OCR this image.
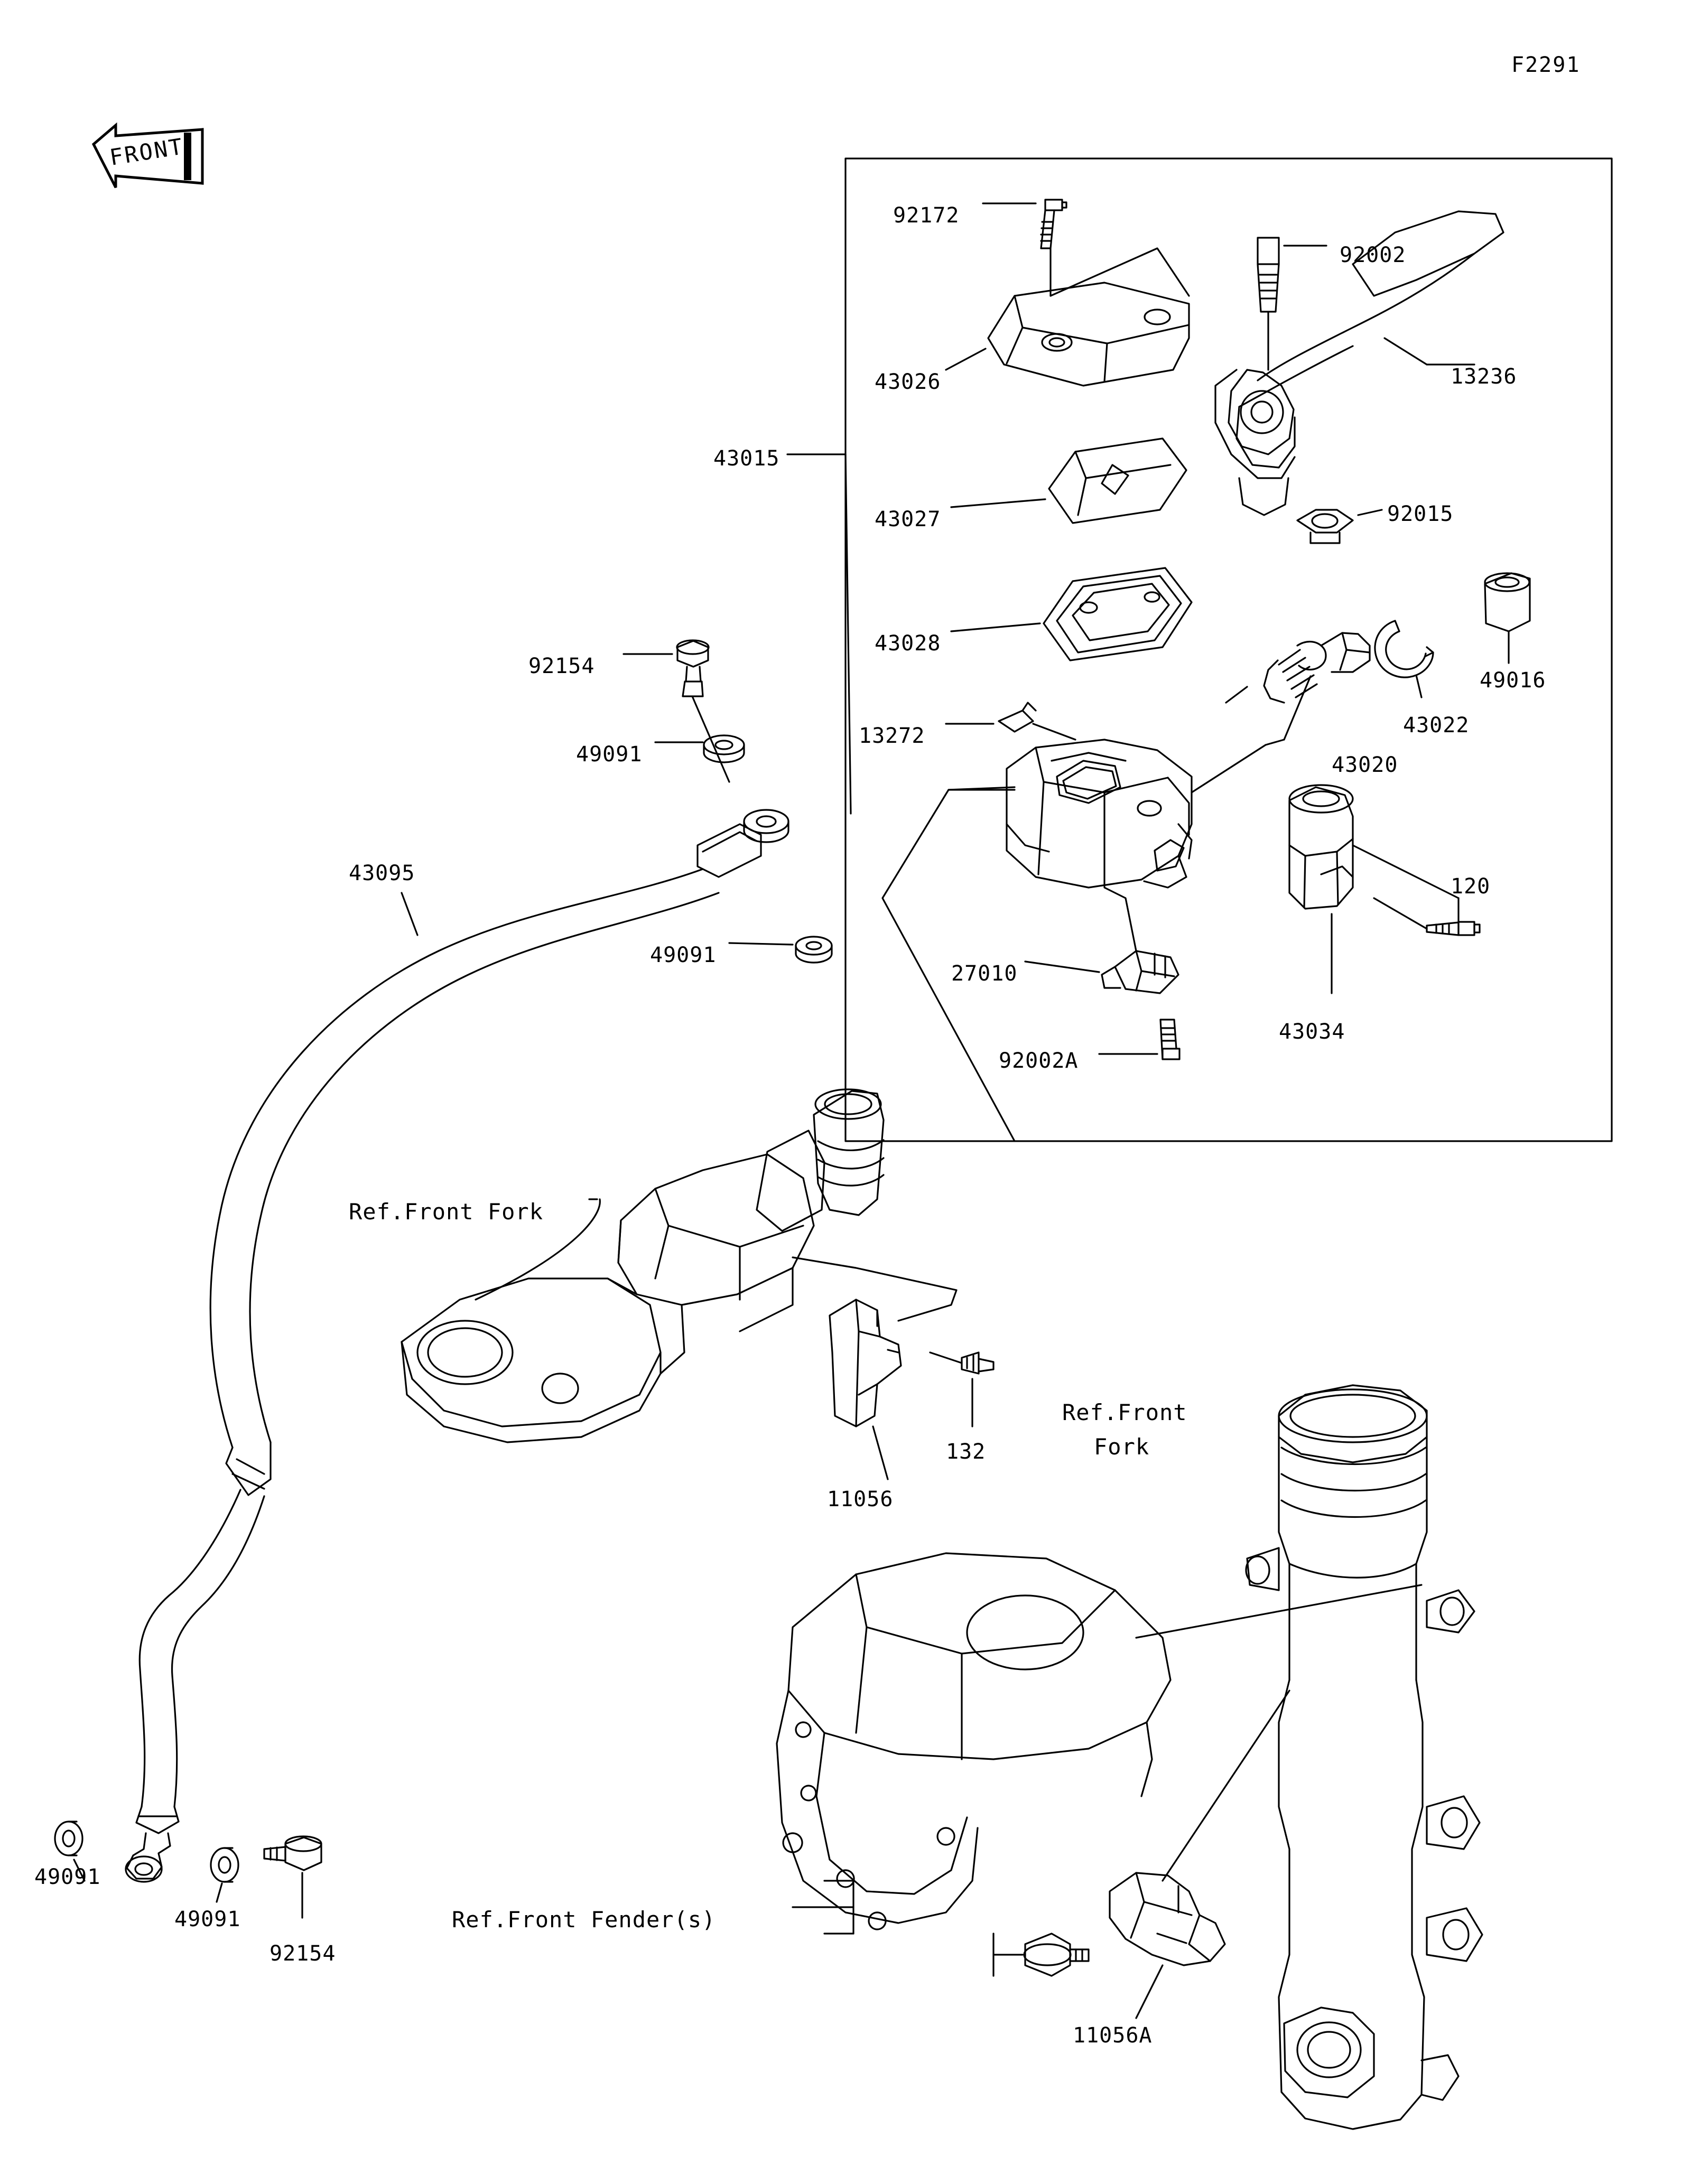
F2291
FRONT
92172
92002
13236
43026
43015
43027	92015
49016
43028
43022
92154
43020
13272
49091
43095
120
49091
27010
43034
92002A
Ref.Front Fork
Ref.Front
Fork
132
11056
49091
49091
92154
Ref.Front Fender(s)
11056A
